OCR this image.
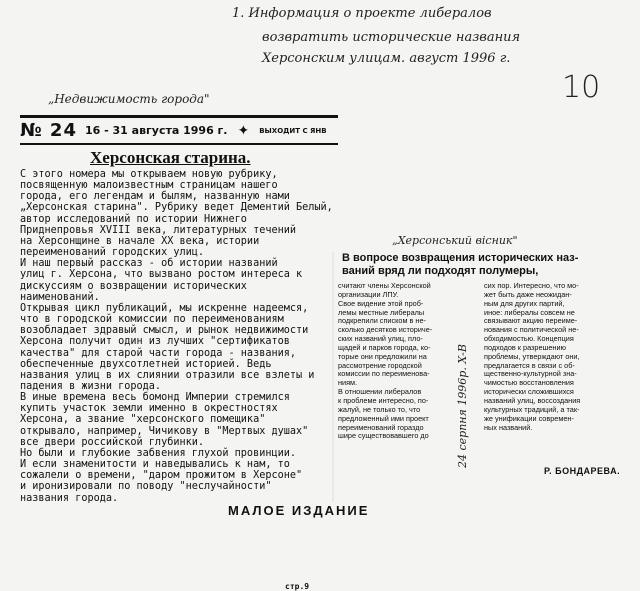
1. Информация о проекте либералов
возвратить исторические названия
Херсонским улицам. август 1996 г.
10
„Недвижимость города"
„Херсонський вісник"
24 серпня 1996р. Х-В
№ 24 16 - 31 августа 1996 г. ✦ ВЫХОДИТ С ЯНВ
Херсонская старина.
С этого номера мы открываем новую рубрику,
посвященную малоизвестным страницам нашего
города, его легендам и былям, названную нами
„Херсонская старина". Рубрику ведет Дементий Белый,
автор исследований по истории Нижнего
Приднепровья XVIII века, литературных течений
на Херсонщине в начале XX века, истории
переименований городских улиц.
И наш первый рассказ - об истории названий
улиц г. Херсона, что вызвано ростом интереса к
дискуссиям о возвращении исторических
наименований.
Открывая цикл публикаций, мы искренне надеемся,
что в городской комиссии по переименованиям
возобладает здравый смысл, и рынок недвижимости
Херсона получит один из лучших "сертификатов
качества" для старой части города - названия,
обеспеченные двухсотлетней историей. Ведь
названия улиц в их слиянии отразили все взлеты и
падения в жизни города.
В иные времена весь бомонд Империи стремился
купить участок земли именно в окрестностях
Херсона, а звание "херсонского помещика"
открывало, например, Чичикову в "Мертвых душах"
все двери российской глубинки.
Но были и глубокие забвения глухой провинции.
И если знаменитости и наведывались к нам, то
сожалели о времени, "даром прожитом в Херсоне"
и иронизировали по поводу "неслучайности"
названия города.
стр.9
МАЛОЕ ИЗДАНИЕ
В вопросе возвращения исторических наз-
ваний вряд ли подходят полумеры,
считают члены Херсонской
организации ЛПУ.
Свое видение этой проб-
лемы местные либералы
подкрепили списком в не-
сколько десятков историче-
ских названий улиц, пло-
щадей и парков города, ко-
торые они предложили на
рассмотрение городской
комиссии по переименова-
ниям.
В отношении либералов
к проблеме интересно, по-
жалуй, не только то, что
предложенный ими проект
переименований гораздо
шире существовавшего до
сих пор. Интересно, что мо-
жет быть даже неожидан-
ным для других партий,
иное: либералы совсем не
связывают акцию переиме-
нования с политической не-
обходимостью. Концепция
подходов к разрешению
проблемы, утверждают они,
предлагается в связи с об-
щественно-культурной зна-
чимостью восстановления
исторически сложившихся
названий улиц, воссоздания
культурных традиций, а так-
же унификации современ-
ных названий.
Р. БОНДАРЕВА.
